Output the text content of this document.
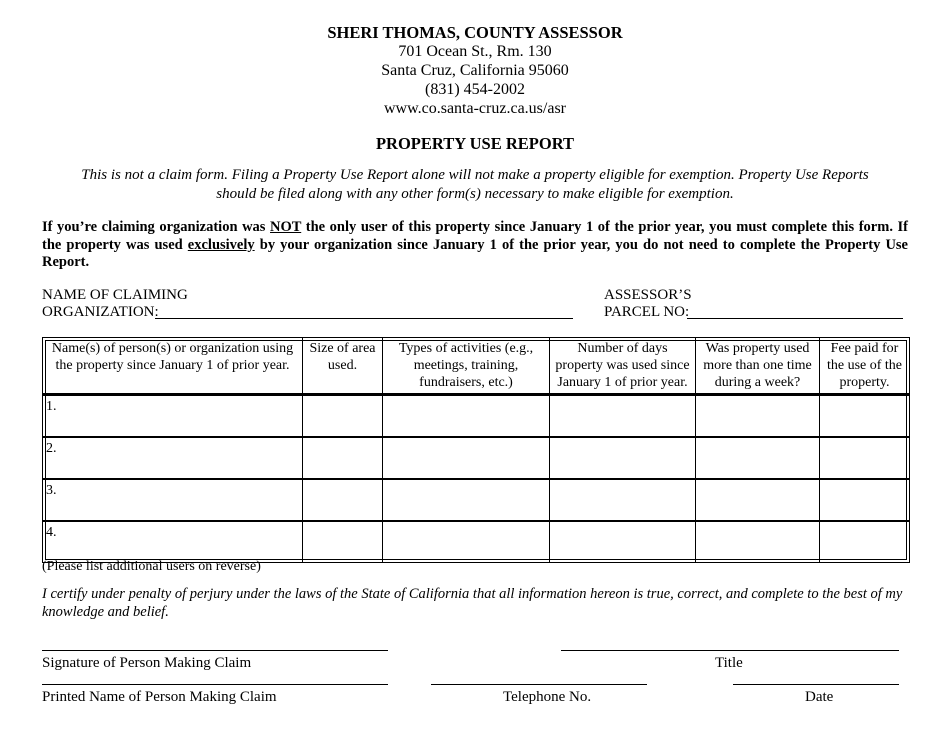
SHERI THOMAS, COUNTY ASSESSOR
701 Ocean St., Rm. 130
Santa Cruz, California 95060
(831) 454-2002
www.co.santa-cruz.ca.us/asr
PROPERTY USE REPORT
This is not a claim form. Filing a Property Use Report alone will not make a property eligible for exemption. Property Use Reports
should be filed along with any other form(s) necessary to make eligible for exemption.
If you’re claiming organization was NOT the only user of this property since January 1 of the prior year, you must complete this form. If the property was used exclusively by your organization since January 1 of the prior year, you do not need to complete the Property Use Report.
NAME OF CLAIMING
ORGANIZATION:
ASSESSOR’S
PARCEL NO:
Name(s) of person(s) or organization using the property since January 1 of prior year.	Size of area used.	Types of activities (e.g., meetings, training, fundraisers, etc.)	Number of days property was used since January 1 of prior year.	Was property used more than one time during a week?	Fee paid for the use of the property.
1.					
2.					
3.					
4.					
(Please list additional users on reverse)
I certify under penalty of perjury under the laws of the State of California that all information hereon is true, correct, and complete to the best of my knowledge and belief.
Signature of Person Making Claim	Title
Printed Name of Person Making Claim	Telephone No.	Date
